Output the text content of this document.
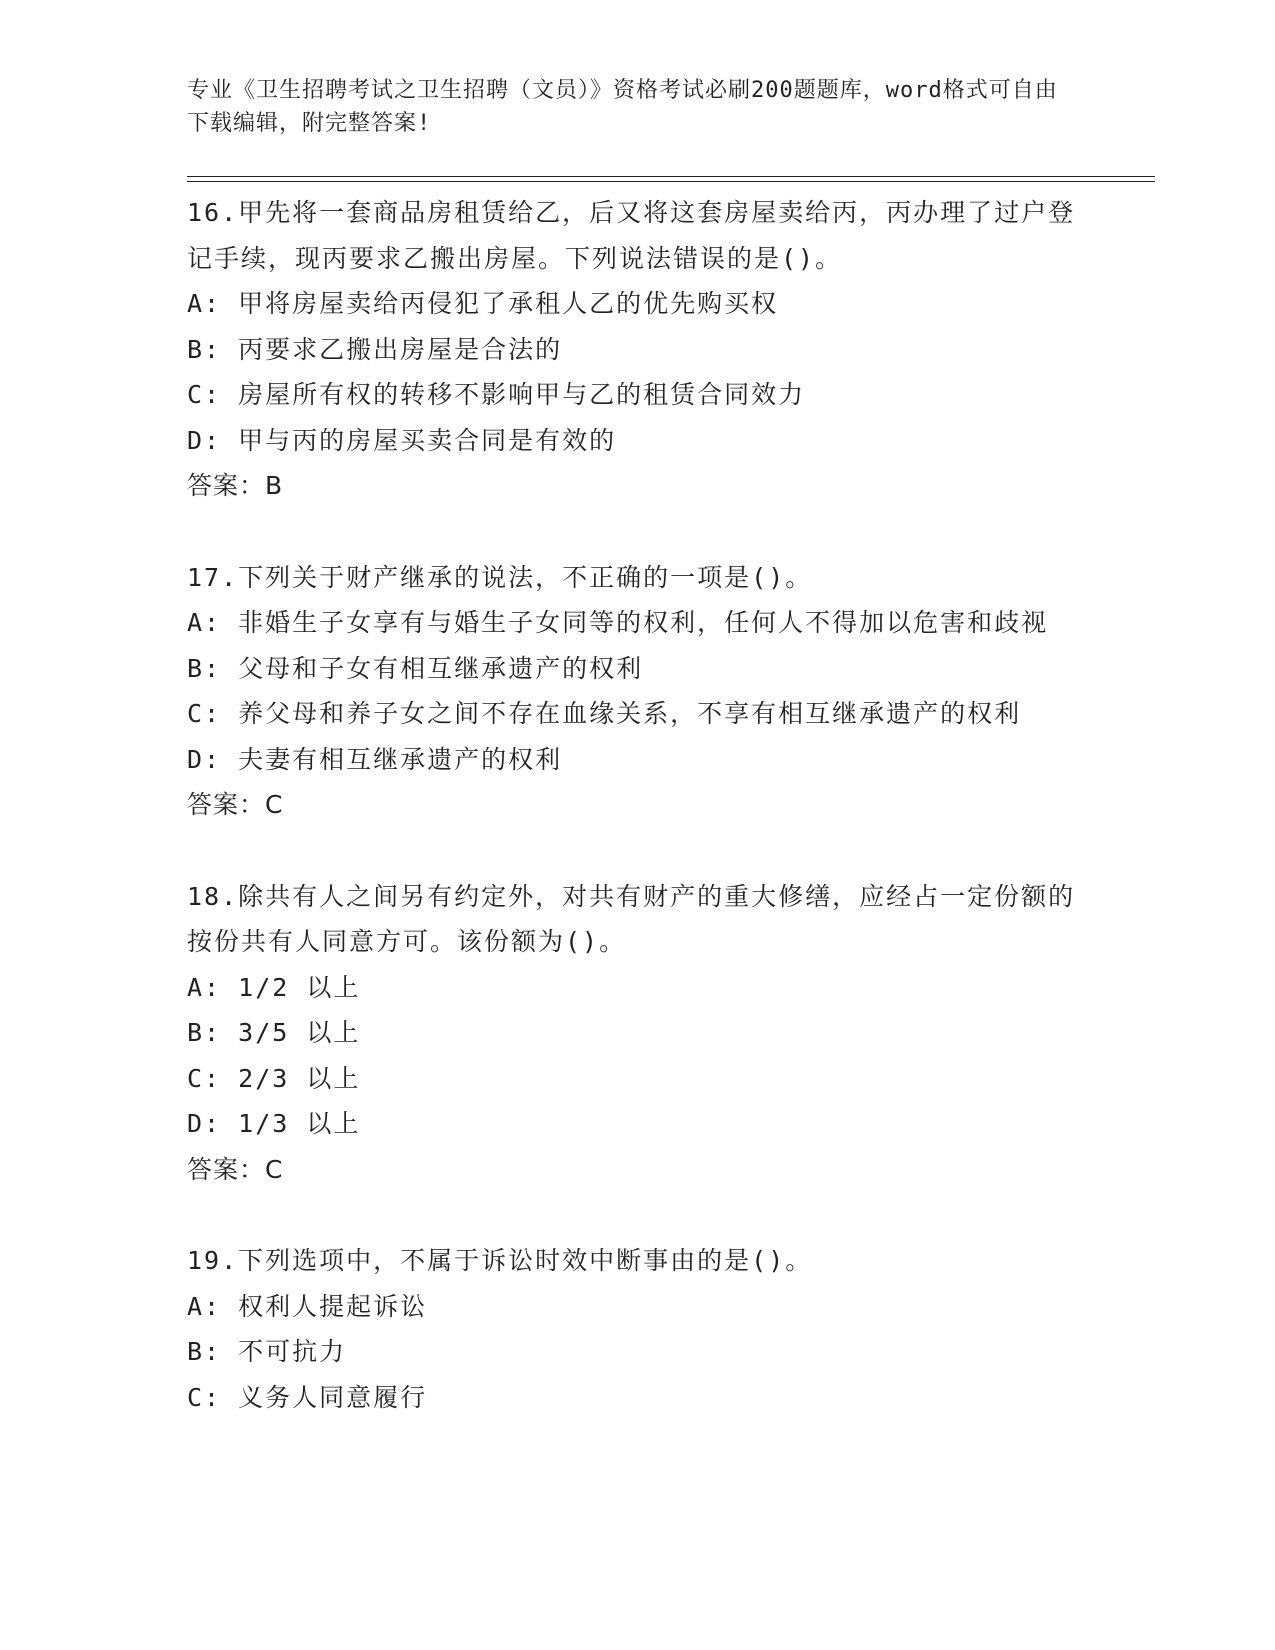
专业《卫生招聘考试之卫生招聘（文员）》资格考试必刷200题题库，word格式可自由下载编辑，附完整答案!

16.甲先将一套商品房租赁给乙，后又将这套房屋卖给丙，丙办理了过户登记手续，现丙要求乙搬出房屋。下列说法错误的是()。

A: 甲将房屋卖给丙侵犯了承租人乙的优先购买权

B: 丙要求乙搬出房屋是合法的

C: 房屋所有权的转移不影响甲与乙的租赁合同效力

D: 甲与丙的房屋买卖合同是有效的

答案：B

17.下列关于财产继承的说法，不正确的一项是()。

A: 非婚生子女享有与婚生子女同等的权利，任何人不得加以危害和歧视

B: 父母和子女有相互继承遗产的权利

C: 养父母和养子女之间不存在血缘关系，不享有相互继承遗产的权利

D: 夫妻有相互继承遗产的权利

答案：C

18.除共有人之间另有约定外，对共有财产的重大修缮，应经占一定份额的按份共有人同意方可。该份额为()。

A: 1/2 以上

B: 3/5 以上

C: 2/3 以上

D: 1/3 以上

答案：C

19.下列选项中，不属于诉讼时效中断事由的是()。

A: 权利人提起诉讼

B: 不可抗力

C: 义务人同意履行
